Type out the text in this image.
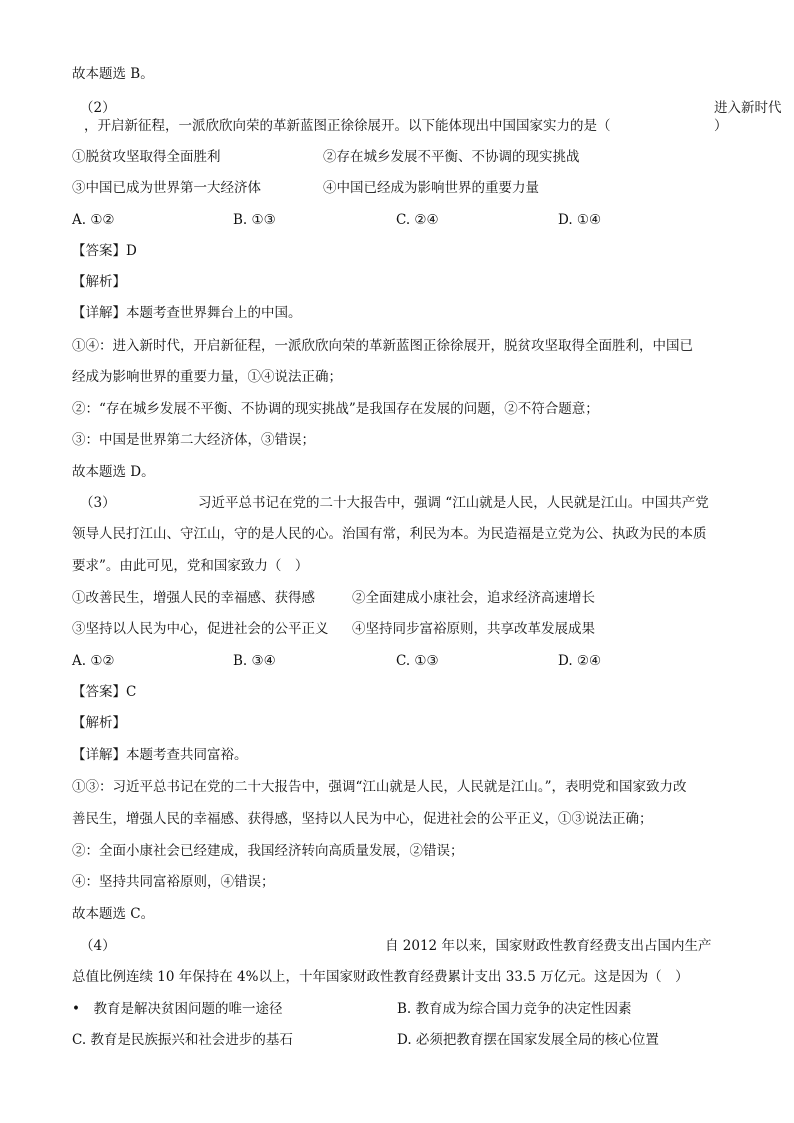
故本题选 B。
（2）	进入新时代
，开启新征程，一派欣欣向荣的革新蓝图正徐徐展开。以下能体现出中国国家实力的是（	）
①脱贫攻坚取得全面胜利	②存在城乡发展不平衡、不协调的现实挑战
③中国已成为世界第一大经济体	④中国已经成为影响世界的重要力量
A. ①②	B. ①③	C. ②④	D. ①④
【答案】D
【解析】
【详解】本题考查世界舞台上的中国。
①④：进入新时代，开启新征程，一派欣欣向荣的革新蓝图正徐徐展开，脱贫攻坚取得全面胜利，中国已
经成为影响世界的重要力量，①④说法正确；
②：“存在城乡发展不平衡、不协调的现实挑战”是我国存在发展的问题，②不符合题意；
③：中国是世界第二大经济体，③错误；
故本题选 D。
（3）	习近平总书记在党的二十大报告中，强调 “江山就是人民，人民就是江山。中国共产党
领导人民打江山、守江山，守的是人民的心。治国有常，利民为本。为民造福是立党为公、执政为民的本质
要求”。由此可见，党和国家致力（　）
①改善民生，增强人民的幸福感、获得感	②全面建成小康社会，追求经济高速增长
③坚持以人民为中心，促进社会的公平正义 ④坚持同步富裕原则，共享改革发展成果
A. ①②	B. ③④	C. ①③	D. ②④
【答案】C
【解析】
【详解】本题考查共同富裕。
①③：习近平总书记在党的二十大报告中，强调“江山就是人民，人民就是江山。”，表明党和国家致力改
善民生，增强人民的幸福感、获得感，坚持以人民为中心，促进社会的公平正义，①③说法正确；
②：全面小康社会已经建成，我国经济转向高质量发展，②错误；
④：坚持共同富裕原则，④错误；
故本题选 C。
（4）	自 2012 年以来，国家财政性教育经费支出占国内生产
总值比例连续 10 年保持在 4%以上，十年国家财政性教育经费累计支出 33.5 万亿元。这是因为（　）
•　教育是解决贫困问题的唯一途径	B. 教育成为综合国力竞争的决定性因素
C. 教育是民族振兴和社会进步的基石	D. 必须把教育摆在国家发展全局的核心位置
